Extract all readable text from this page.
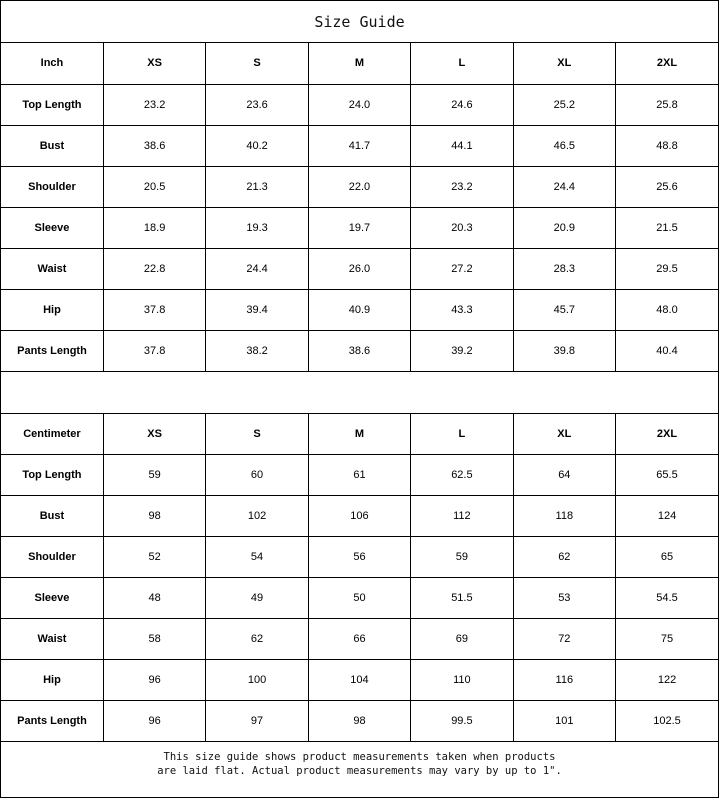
Size Guide
Inch	XS	S	M	L	XL	2XL
Top Length	23.2	23.6	24.0	24.6	25.2	25.8
Bust	38.6	40.2	41.7	44.1	46.5	48.8
Shoulder	20.5	21.3	22.0	23.2	24.4	25.6
Sleeve	18.9	19.3	19.7	20.3	20.9	21.5
Waist	22.8	24.4	26.0	27.2	28.3	29.5
Hip	37.8	39.4	40.9	43.3	45.7	48.0
Pants Length	37.8	38.2	38.6	39.2	39.8	40.4
Centimeter	XS	S	M	L	XL	2XL
Top Length	59	60	61	62.5	64	65.5
Bust	98	102	106	112	118	124
Shoulder	52	54	56	59	62	65
Sleeve	48	49	50	51.5	53	54.5
Waist	58	62	66	69	72	75
Hip	96	100	104	110	116	122
Pants Length	96	97	98	99.5	101	102.5
This size guide shows product measurements taken when products
are laid flat. Actual product measurements may vary by up to 1".
